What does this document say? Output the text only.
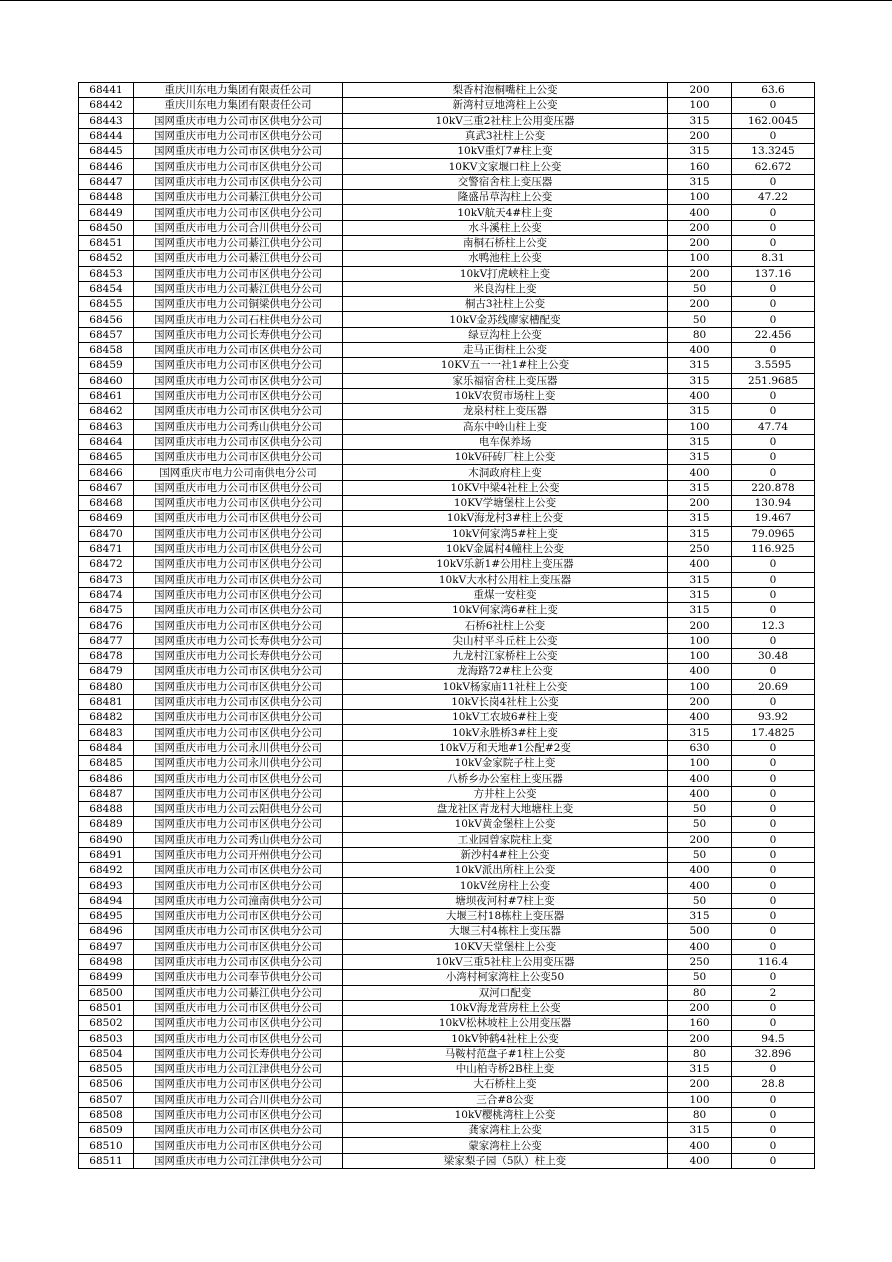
68441	重庆川东电力集团有限责任公司	梨香村泡桐嘴柱上公变	200	63.6
68442	重庆川东电力集团有限责任公司	新湾村豆地湾柱上公变	100	0
68443	国网重庆市电力公司市区供电分公司	10kV三重2社柱上公用变压器	315	162.0045
68444	国网重庆市电力公司市区供电分公司	真武3社柱上公变	200	0
68445	国网重庆市电力公司市区供电分公司	10kV重灯7#柱上变	315	13.3245
68446	国网重庆市电力公司市区供电分公司	10KV文家堰口柱上公变	160	62.672
68447	国网重庆市电力公司市区供电分公司	交警宿舍柱上变压器	315	0
68448	国网重庆市电力公司綦江供电分公司	隆盛吊草沟柱上公变	100	47.22
68449	国网重庆市电力公司市区供电分公司	10kV航天4#柱上变	400	0
68450	国网重庆市电力公司合川供电分公司	水斗溪柱上公变	200	0
68451	国网重庆市电力公司綦江供电分公司	南桐石桥柱上公变	200	0
68452	国网重庆市电力公司綦江供电分公司	水鸭池柱上公变	100	8.31
68453	国网重庆市电力公司市区供电分公司	10kV打虎峡柱上变	200	137.16
68454	国网重庆市电力公司綦江供电分公司	米良沟柱上变	50	0
68455	国网重庆市电力公司铜梁供电分公司	桐古3社柱上公变	200	0
68456	国网重庆市电力公司石柱供电分公司	10kV金苏线廖家槽配变	50	0
68457	国网重庆市电力公司长寿供电分公司	绿豆沟柱上公变	80	22.456
68458	国网重庆市电力公司市区供电分公司	走马正街柱上公变	400	0
68459	国网重庆市电力公司市区供电分公司	10KV五一一社1#柱上公变	315	3.5595
68460	国网重庆市电力公司市区供电分公司	家乐福宿舍柱上变压器	315	251.9685
68461	国网重庆市电力公司市区供电分公司	10kV农贸市场柱上变	400	0
68462	国网重庆市电力公司市区供电分公司	龙泉村柱上变压器	315	0
68463	国网重庆市电力公司秀山供电分公司	高东中岭山柱上变	100	47.74
68464	国网重庆市电力公司市区供电分公司	电车保养场	315	0
68465	国网重庆市电力公司市区供电分公司	10kV矸砖厂柱上公变	315	0
68466	国网重庆市电力公司南供电分公司	木洞政府柱上变	400	0
68467	国网重庆市电力公司市区供电分公司	10KV中梁4社柱上公变	315	220.878
68468	国网重庆市电力公司市区供电分公司	10KV学塘堡柱上公变	200	130.94
68469	国网重庆市电力公司市区供电分公司	10kV海龙村3#柱上公变	315	19.467
68470	国网重庆市电力公司市区供电分公司	10kV何家湾5#柱上变	315	79.0965
68471	国网重庆市电力公司市区供电分公司	10kV金属村4幢柱上公变	250	116.925
68472	国网重庆市电力公司市区供电分公司	10kV乐新1#公用柱上变压器	400	0
68473	国网重庆市电力公司市区供电分公司	10kV大水村公用柱上变压器	315	0
68474	国网重庆市电力公司市区供电分公司	重煤一安柱变	315	0
68475	国网重庆市电力公司市区供电分公司	10kV何家湾6#柱上变	315	0
68476	国网重庆市电力公司市区供电分公司	石桥6社柱上公变	200	12.3
68477	国网重庆市电力公司长寿供电分公司	尖山村平斗丘柱上公变	100	0
68478	国网重庆市电力公司长寿供电分公司	九龙村江家桥柱上公变	100	30.48
68479	国网重庆市电力公司市区供电分公司	龙海路72#柱上公变	400	0
68480	国网重庆市电力公司市区供电分公司	10kV杨家庙11社柱上公变	100	20.69
68481	国网重庆市电力公司市区供电分公司	10kV长岗4社柱上公变	200	0
68482	国网重庆市电力公司市区供电分公司	10kV工农坡6#柱上变	400	93.92
68483	国网重庆市电力公司市区供电分公司	10kV永胜桥3#柱上变	315	17.4825
68484	国网重庆市电力公司永川供电分公司	10kV万和天地#1公配#2变	630	0
68485	国网重庆市电力公司永川供电分公司	10kV金家院子柱上变	100	0
68486	国网重庆市电力公司市区供电分公司	八桥乡办公室柱上变压器	400	0
68487	国网重庆市电力公司市区供电分公司	方井柱上公变	400	0
68488	国网重庆市电力公司云阳供电分公司	盘龙社区青龙村大地塘柱上变	50	0
68489	国网重庆市电力公司市区供电分公司	10kV黄金堡柱上公变	50	0
68490	国网重庆市电力公司秀山供电分公司	工业园曾家院柱上变	200	0
68491	国网重庆市电力公司开州供电分公司	新沙村4#柱上公变	50	0
68492	国网重庆市电力公司市区供电分公司	10kV派出所柱上公变	400	0
68493	国网重庆市电力公司市区供电分公司	10kV丝房柱上公变	400	0
68494	国网重庆市电力公司潼南供电分公司	塘坝夜河村#7柱上变	50	0
68495	国网重庆市电力公司市区供电分公司	大堰三村18栋柱上变压器	315	0
68496	国网重庆市电力公司市区供电分公司	大堰三村4栋柱上变压器	500	0
68497	国网重庆市电力公司市区供电分公司	10KV天堂堡柱上公变	400	0
68498	国网重庆市电力公司市区供电分公司	10kV三重5社柱上公用变压器	250	116.4
68499	国网重庆市电力公司奉节供电分公司	小湾村柯家湾柱上公变50	50	0
68500	国网重庆市电力公司綦江供电分公司	双河口配变	80	2
68501	国网重庆市电力公司市区供电分公司	10kV海龙营房柱上公变	200	0
68502	国网重庆市电力公司市区供电分公司	10kV松林坡柱上公用变压器	160	0
68503	国网重庆市电力公司市区供电分公司	10kV钟鹤4社柱上公变	200	94.5
68504	国网重庆市电力公司长寿供电分公司	马鞍村范盘子#1柱上公变	80	32.896
68505	国网重庆市电力公司江津供电分公司	中山柏寺桥2B柱上变	315	0
68506	国网重庆市电力公司市区供电分公司	大石桥柱上变	200	28.8
68507	国网重庆市电力公司合川供电分公司	三合#8公变	100	0
68508	国网重庆市电力公司市区供电分公司	10kV樱桃湾柱上公变	80	0
68509	国网重庆市电力公司市区供电分公司	龚家湾柱上公变	315	0
68510	国网重庆市电力公司市区供电分公司	蒙家湾柱上公变	400	0
68511	国网重庆市电力公司江津供电分公司	梁家梨子园（5队）柱上变	400	0
